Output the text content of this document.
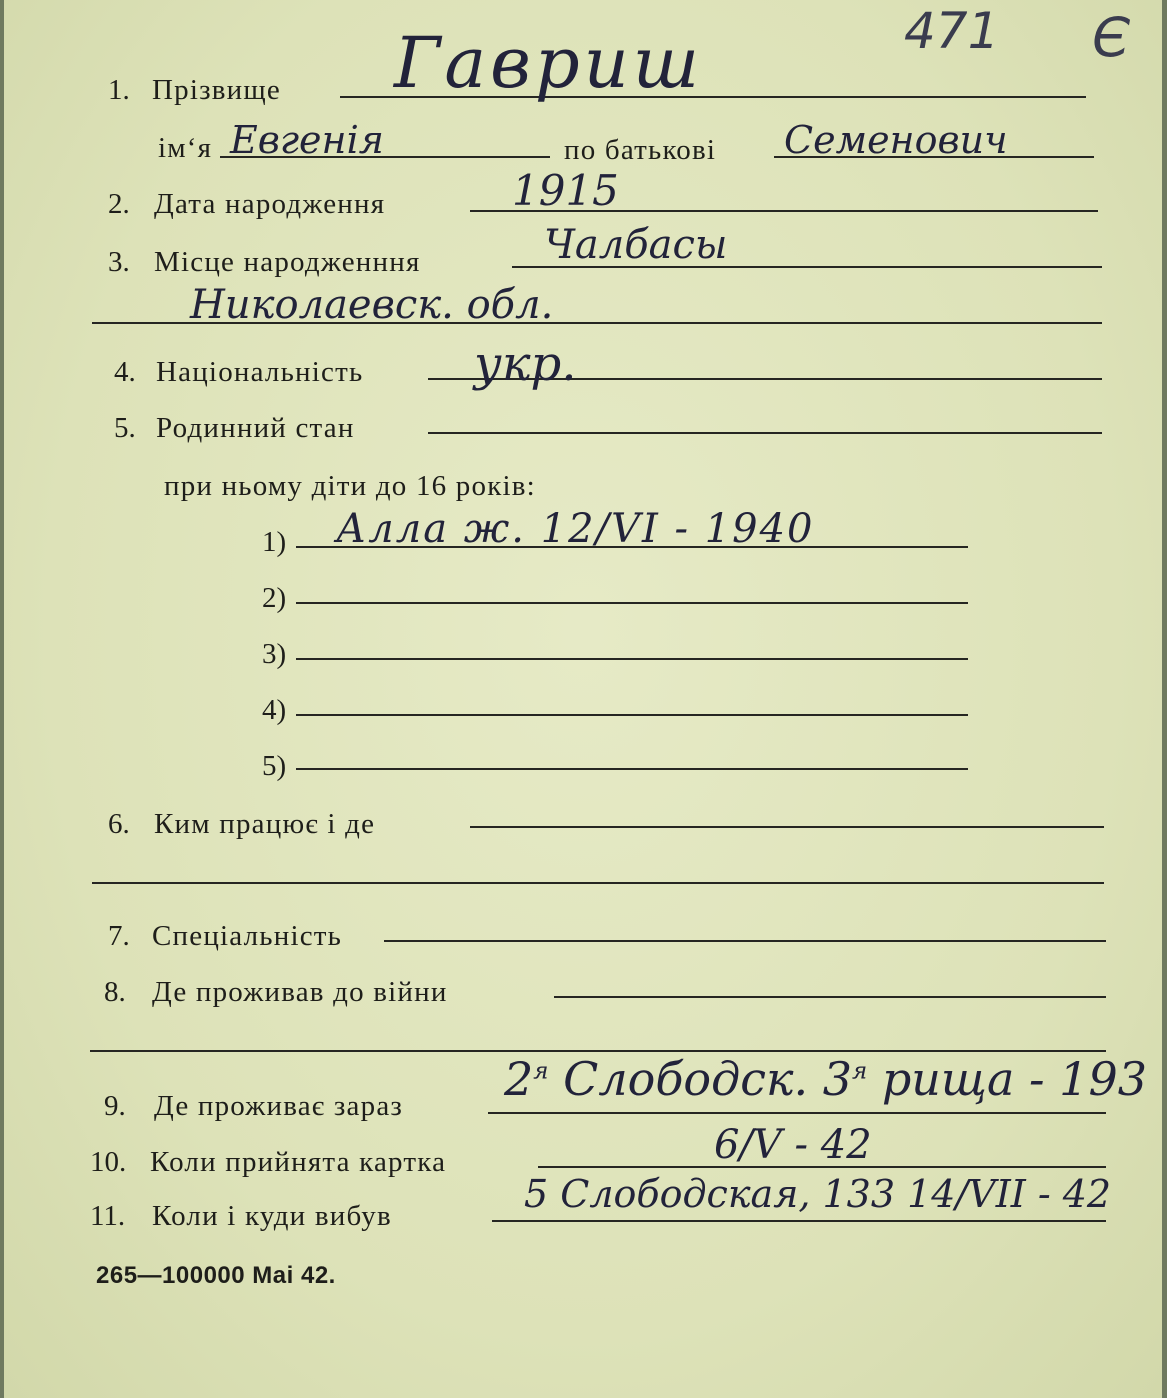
471 Є
1. Прізвище Гавриш
ім‘я Евгенія	по батькові Семенович
2. Дата народження	1915
3. Місце народженння	Чалбасы
Николаевск. обл.
4. Національність укр.
5. Родинний стан
при ньому діти до 16 років:
1) Алла ж. 12/VI - 1940
2)
3)
4)
5)
6. Ким працює і де
7. Спеціальність
8. Де проживав до війни
9. Де проживає зараз $2^я$ Слободск. $3^я$ рища - 193
10. Коли прийнята картка	6/V - 42
11. Коли і куди вибув	5 Слободская, 133 14/VII - 42
265—100000 Mai 42.
